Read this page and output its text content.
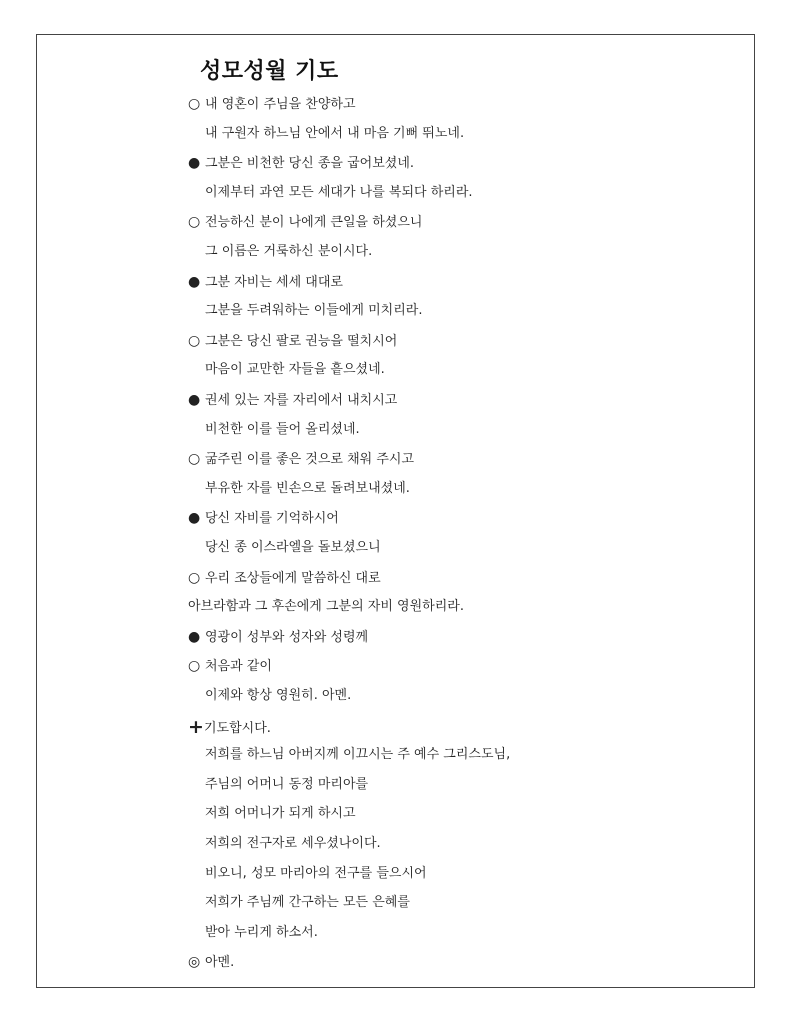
성모성월 기도
○ 내 영혼이 주님을 찬양하고
내 구원자 하느님 안에서 내 마음 기뻐 뛰노네.
● 그분은 비천한 당신 종을 굽어보셨네.
이제부터 과연 모든 세대가 나를 복되다 하리라.
○ 전능하신 분이 나에게 큰일을 하셨으니
그 이름은 거룩하신 분이시다.
● 그분 자비는 세세 대대로
그분을 두려워하는 이들에게 미치리라.
○ 그분은 당신 팔로 권능을 떨치시어
마음이 교만한 자들을 흩으셨네.
● 권세 있는 자를 자리에서 내치시고
비천한 이를 들어 올리셨네.
○ 굶주린 이를 좋은 것으로 채워 주시고
부유한 자를 빈손으로 돌려보내셨네.
● 당신 자비를 기억하시어
당신 종 이스라엘을 돌보셨으니
○ 우리 조상들에게 말씀하신 대로
아브라함과 그 후손에게 그분의 자비 영원하리라.
● 영광이 성부와 성자와 성령께
○ 처음과 같이
이제와 항상 영원히. 아멘.
+기도합시다.
저희를 하느님 아버지께 이끄시는 주 예수 그리스도님,
주님의 어머니 동정 마리아를
저희 어머니가 되게 하시고
저희의 전구자로 세우셨나이다.
비오니, 성모 마리아의 전구를 들으시어
저희가 주님께 간구하는 모든 은혜를
받아 누리게 하소서.
◎ 아멘.
